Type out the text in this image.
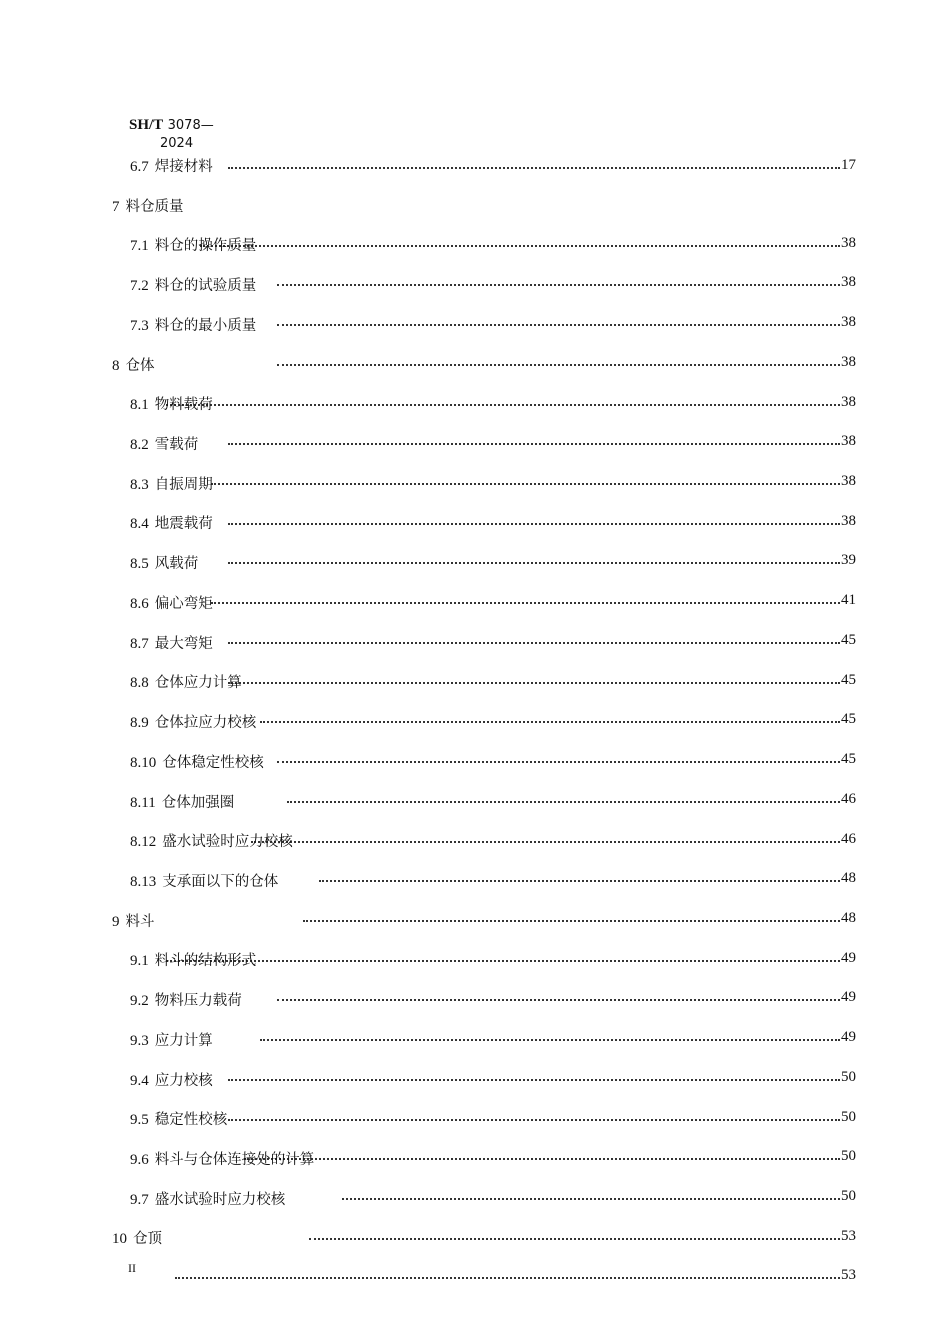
SH/T 3078—
2024
6.7 焊接材料	17
7 料仓质量
38
7.1 料仓的操作质量
38
7.2 料仓的试验质量
38
7.3 料仓的最小质量
38
8 仓体
38
8.1 物料载荷
38
8.2 雪载荷
38
8.3 自振周期
38
8.4 地震载荷
39
8.5 风载荷
41
8.6 偏心弯矩
45
8.7 最大弯矩
45
8.8 仓体应力计算
45
8.9 仓体拉应力校核
45
8.10 仓体稳定性校核
46
8.11 仓体加强圈
46
8.12 盛水试验时应力校核
48
8.13 支承面以下的仓体
48
9 料斗
49
9.1 料斗的结构形式
49
9.2 物料压力载荷
49
9.3 应力计算
50
9.4 应力校核
50
9.5 稳定性校核
50
9.6 料斗与仓体连接处的计算
50
9.7 盛水试验时应力校核
53
10 仓顶
53
II
